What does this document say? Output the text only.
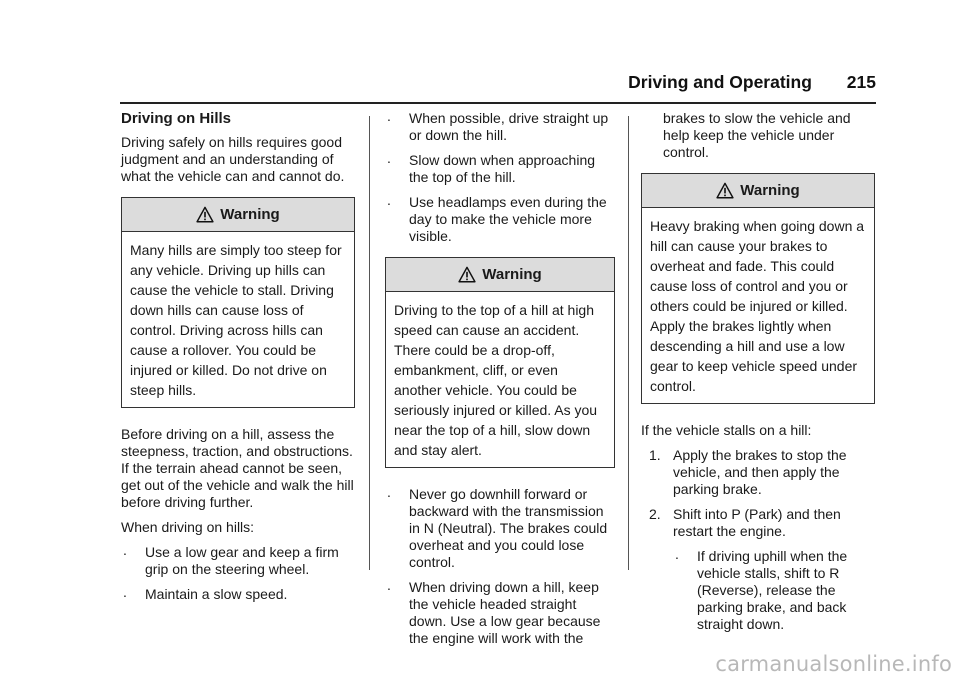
Driving and Operating 215
Driving on Hills

Driving safely on hills requires good judgment and an understanding of what the vehicle can and cannot do.

Warning
Many hills are simply too steep for any vehicle. Driving up hills can cause the vehicle to stall. Driving down hills can cause loss of control. Driving across hills can cause a rollover. You could be injured or killed. Do not drive on steep hills.

Before driving on a hill, assess the steepness, traction, and obstructions. If the terrain ahead cannot be seen, get out of the vehicle and walk the hill before driving further.

When driving on hills:

. Use a low gear and keep a firm grip on the steering wheel.
. Maintain a slow speed.
. When possible, drive straight up or down the hill.
. Slow down when approaching the top of the hill.
. Use headlamps even during the day to make the vehicle more visible.
Warning
Driving to the top of a hill at high speed can cause an accident. There could be a drop-off, embankment, cliff, or even another vehicle. You could be seriously injured or killed. As you near the top of a hill, slow down and stay alert.
. Never go downhill forward or backward with the transmission in N (Neutral). The brakes could overheat and you could lose control.
. When driving down a hill, keep the vehicle headed straight down. Use a low gear because the engine will work with the

brakes to slow the vehicle and help keep the vehicle under control.

Warning
Heavy braking when going down a hill can cause your brakes to overheat and fade. This could cause loss of control and you or others could be injured or killed. Apply the brakes lightly when descending a hill and use a low gear to keep vehicle speed under control.

If the vehicle stalls on a hill:

1. Apply the brakes to stop the vehicle, and then apply the parking brake.
2. Shift into P (Park) and then restart the engine.
. If driving uphill when the vehicle stalls, shift to R (Reverse), release the parking brake, and back straight down.
carmanualsonline.info
